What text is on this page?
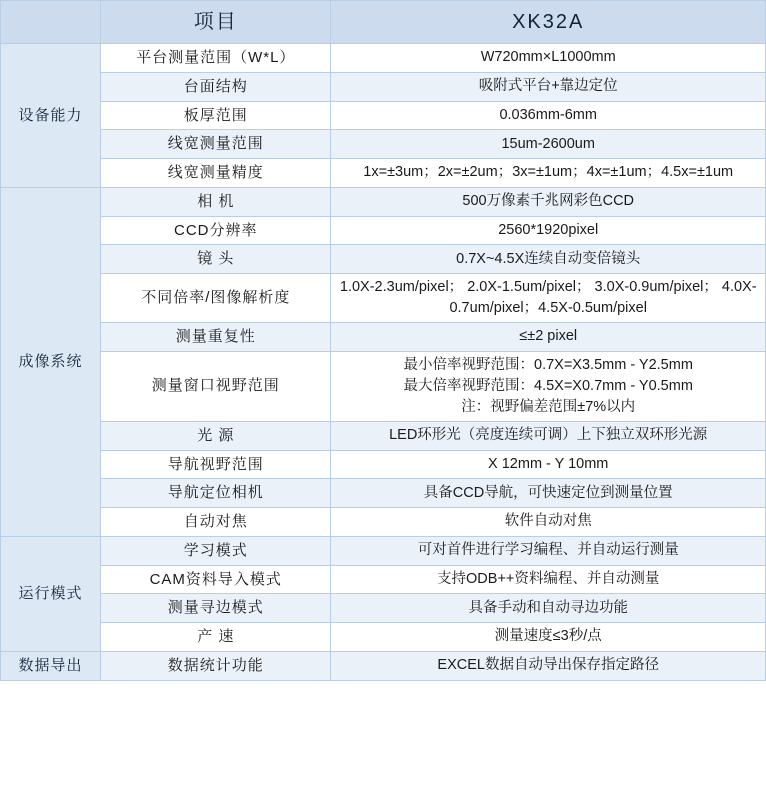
	项目	XK32A
设备能力	平台测量范围（W*L）	W720mm×L1000mm
	台面结构	吸附式平台+靠边定位
	板厚范围	0.036mm-6mm
	线宽测量范围	15um-2600um
	线宽测量精度	1x=±3um；2x=±2um；3x=±1um；4x=±1um；4.5x=±1um
成像系统	相 机	500万像素千兆网彩色CCD
	CCD分辨率	2560*1920pixel
	镜 头	0.7X~4.5X连续自动变倍镜头
	不同倍率/图像解析度	1.0X-2.3um/pixel； 2.0X-1.5um/pixel； 3.0X-0.9um/pixel； 4.0X-0.7um/pixel；4.5X-0.5um/pixel
	测量重复性	≤±2 pixel
	测量窗口视野范围	最小倍率视野范围：0.7X=X3.5mm - Y2.5mm
最大倍率视野范围：4.5X=X0.7mm - Y0.5mm
注：视野偏差范围±7%以内
	光 源	LED环形光（亮度连续可调）上下独立双环形光源
	导航视野范围	X 12mm - Y 10mm
	导航定位相机	具备CCD导航，可快速定位到测量位置
	自动对焦	软件自动对焦
运行模式	学习模式	可对首件进行学习编程、并自动运行测量
	CAM资料导入模式	支持ODB++资料编程、并自动测量
	测量寻边模式	具备手动和自动寻边功能
	产 速	测量速度≤3秒/点
数据导出	数据统计功能	EXCEL数据自动导出保存指定路径
